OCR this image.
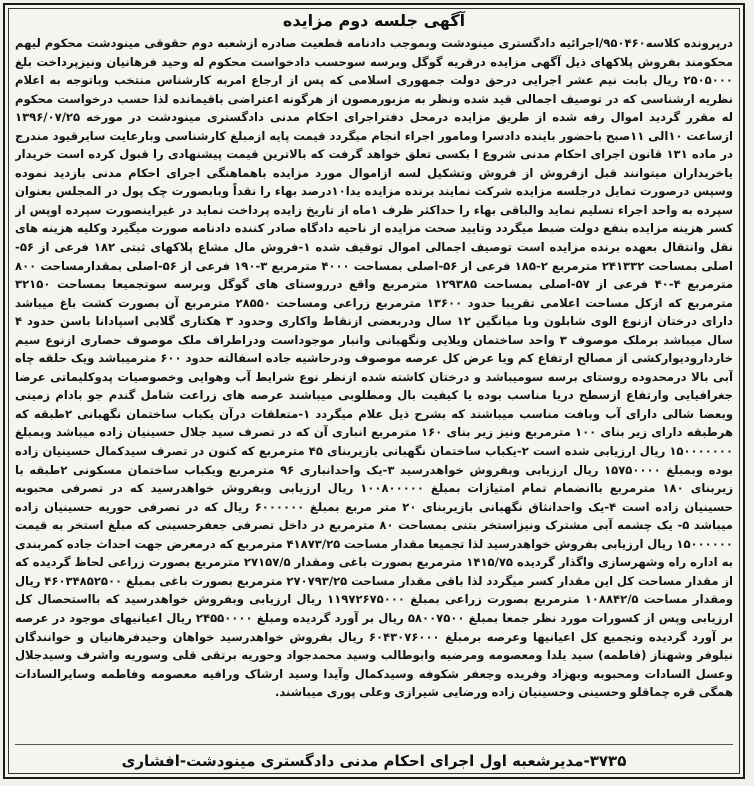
آگهی جلسه دوم مزایده

درپرونده کلاسه۹۵۰۴۶۰/اجرائیه دادگستری مینودشت وبموجب دادنامه قطعیت صادره ازشعبه دوم حقوقی مینودشت محکوم لیهم محکومند بفروش پلاکهای ذیل آگهی مزایده درقریه گوگل وبرسه سوحسب دادخواست محکوم له وحید فرهانیان ونیزپرداخت بلغ ۲۵۰۵۰۰۰ ریال بابت نیم عشر اجرایی درحق دولت جمهوری اسلامی که پس از ارجاع امربه کارشناس منتخب وباتوجه به اعلام نظریه ارشناسی که در توصیف اجمالی قید شده ونظر به مزبورمصون از هرگونه اعتراضی باقیمانده لذا حسب درخواست محکوم له مقرر گردید اموال رفه شده از طریق مزایده درمحل دفتراجرای احکام مدنی دادگستری مینودشت در مورخه ۱۳۹۶/۰۷/۲۵ ازساعت ۱۰الی ۱۱صبح باحضور باینده دادسرا ومامور اجراء انجام میگردد قیمت پایه ازمبلغ کارشناسی وبارعایت سایرقیود مندرج در ماده ۱۳۱ قانون اجرای احکام مدنی شروع ا بکسی تعلق خواهد گرفت که بالاترین قیمت پیشنهادی را قبول کرده است خریدار یاخریداران میتوانند قبل ازفروش از فروش وتشکیل لسه ازاموال مورد مزایده باهماهنگی اجرای احکام مدنی بازدید نموده وسپس درصورت تمایل درجلسه مزایده شرکت نمایند برنده مزایده یدا۱۰درصد بهاء را نقداً وبابصورت چک پول در المجلس بعنوان سپرده به واحد اجراء تسلیم نماید والباقی بهاء را حداکثر ظرف ۱ماه از تاریخ زایده پرداخت نماید در غیراینصورت سپرده اوپس از کسر هزینه مزایده بنفع دولت ضبط میگردد وتایید صحت مزایده از ناحیه دادگاه صادر کننده دادنامه صورت میگیرد وکلیه هزینه های نقل وانتقال بعهده برنده مزایده است توصیف اجمالی اموال توقیف شده ۱-فروش مال مشاع پلاکهای ثبتی ۱۸۲ فرعی از ۵۶-اصلی بمساحت ۲۴۱۳۳۲ مترمربع ۲-۱۸۵ فرعی از ۵۶-اصلی بمساحت ۴۰۰۰ مترمربع ۳-۱۹۰ فرعی از ۵۶-اصلی بمقدارمساحت ۸۰۰ مترمربع ۴-۴۰ فرعی از ۵۷-اصلی بمساحت ۱۲۹۳۸۵ مترمربع واقع درروستای های گوگل وبرسه سوتجمیعا بمساحت ۳۲۱۵۰ مترمربع که ازکل مساحت اعلامی تقریبا حدود ۱۳۶۰۰ مترمربع زراعی ومساحت ۲۸۵۵۰ مترمربع آن بصورت کشت باغ میباشد دارای درختان ازنوع الوی شابلون وبا میانگین ۱۲ سال ودربعضی ازنقاط واکاری وحدود ۳ هکتاری گلابی اسپادانا باسن حدود ۴ سال میباشد برملک موصوف ۳ واحد ساختمان ویلایی ونگهبانی وانبار موجوداست ودراطراف ملک موصوف حصاری ازنوع سیم خاردارودیوارکشی از مصالح ارتفاع کم ویا عرض کل عرصه موصوف ودرحاشیه جاده اسفالته حدود ۶۰۰ مترمیباشد ویک حلقه چاه آبی بالا درمحدوده روستای برسه سومیباشد و درختان کاشته شده ازنظر نوع شرایط آب وهوایی وخصوصیات پدوکلیماتی عرضا جغرافیایی وارتفاع ازسطح دریا مناسب بوده یا کیفیت بال ومطلوبی میباشند عرصه های زراعت شامل گندم جو بادام زمینی وبعضا شالی دارای آب وبافت مناسب میباشند که بشرح ذیل علام میگردد ۱-متعلقات درآن یکباب ساختمان نگهبانی ۲طبقه که هرطبقه دارای زیر بنای ۱۰۰ مترمربع ونیز زیر بنای ۱۶۰ مترمربع انباری آن که در تصرف سید جلال حسینیان زاده میباشد وبمبلغ ۱۵۰۰۰۰۰۰۰ ریال ارزیابی شده است ۲-یکباب ساختمان نگهبانی بازیربنای ۴۵ مترمربع که کنون در تصرف سیدکمال حسینیان زاده بوده وبمبلغ ۱۵۷۵۰۰۰۰ ریال ارزیابی وبفروش خواهدرسید ۳-یک واحدانباری ۹۶ مترمربع ویکباب ساختمان مسکونی ۲طبقه با زیربنای ۱۸۰ مترمربع باانضمام تمام امتیازات بمبلغ ۱۰۰۸۰۰۰۰۰ ریال ارزیابی وبفروش خواهدرسید که در تصرفی محبوبه حسینیان زاده است ۴-یک واحدانثاق نگهبانی بازیربنای ۲۰ متر مربع بمبلغ ۶۰۰۰۰۰۰ ریال که در تصرفی حوریه حسینیان زاده میباشد ۵- یک چشمه آبی مشترک ونیزاستخر بتنی بمساحت ۸۰ مترمربع در داخل تصرفی جعفرحسینی که مبلغ استخر به قیمت ۱۵۰۰۰۰۰۰ ریال ارزیابی بفروش خواهدرسید لذا تجمیعا مقدار مساحت ۴۱۸۷۳/۲۵ مترمربع که درمعرض جهت احداث جاده کمربندی به اداره راه وشهرسازی واگذار گردیده ۱۴۱۵/۷۵ مترمربع بصورت باغی ومقدار ۲۷۱۵۷/۵ مترمربع بصورت زراعی لحاظ گردیده که از مقدار مساحت کل این مقدار کسر میگردد لذا باقی مقدار مساحت ۲۷۰۷۹۳/۲۵ مترمربع بصورت باغی بمبلغ ۴۶۰۳۴۸۵۲۵۰۰ ریال ومقدار مساحت ۱۰۸۸۴۲/۵ مترمربع بصورت زراعی بمبلغ ۱۱۹۷۲۶۷۵۰۰۰ ریال ارزیابی وبفروش خواهدرسید که بااستحصال کل ارزیابی وپس از کسورات مورد نظر جمعا بمبلغ ۵۸۰۰۷۵۰۰ ریال بر آورد گردیده ومبلغ ۲۴۵۵۰۰۰۰ ریال اعیانیهای موجود در عرصه بر آورد گردیده وتجمیع کل اعیانیها وعرصه برمبلغ ۶۰۴۳۰۷۶۰۰۰ ریال بفروش خواهدرسید خواهان وحیدفرهانیان و خوانندگان نیلوفر وشهناز (فاطمه) سید یلدا ومعصومه ومرضیه وابوطالب وسید محمدجواد وحوریه برتقی قلی وسوریه واشرف وسیدجلال وعسل السادات ومحبوبه وبهزاد وفریده وجعفر شکوفه وسیدکمال وآیدا وسید ارشاک ورافیه معصومه وفاطمه وسایرالسادات همگی قره چماقلو وحسینی وحسینیان زاده ورضایی شیرازی وعلی پوری میباشند.

۳۷۳۵-مدیرشعبه اول اجرای احکام مدنی دادگستری مینودشت-افشاری
